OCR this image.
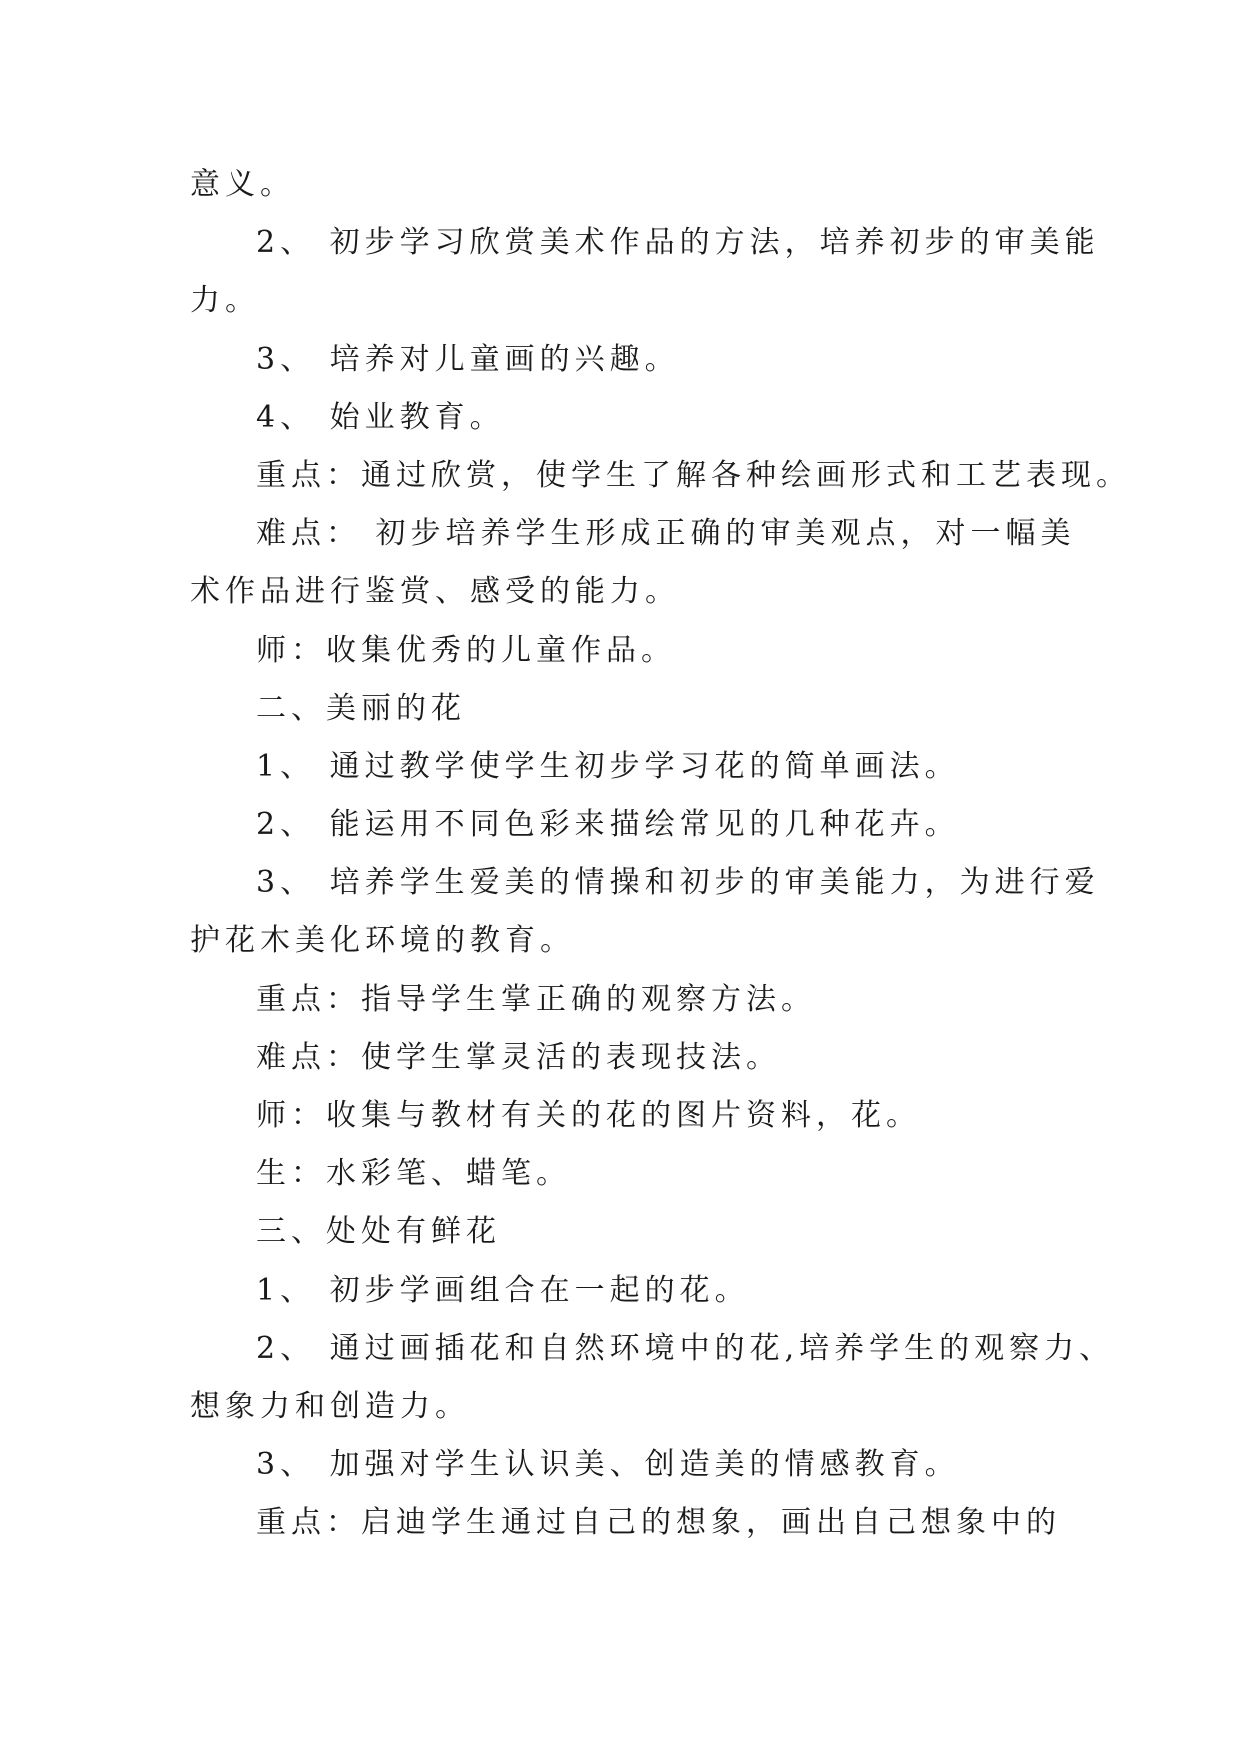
意义。
2、 初步学习欣赏美术作品的方法，培养初步的审美能
力。
3、 培养对儿童画的兴趣。
4、 始业教育。
重点：通过欣赏，使学生了解各种绘画形式和工艺表现。
难点： 初步培养学生形成正确的审美观点，对一幅美
术作品进行鉴赏、感受的能力。
师：收集优秀的儿童作品。
二、美丽的花
1、 通过教学使学生初步学习花的简单画法。
2、 能运用不同色彩来描绘常见的几种花卉。
3、 培养学生爱美的情操和初步的审美能力，为进行爱
护花木美化环境的教育。
重点：指导学生掌正确的观察方法。
难点：使学生掌灵活的表现技法。
师：收集与教材有关的花的图片资料，花。
生：水彩笔、蜡笔。
三、处处有鲜花
1、 初步学画组合在一起的花。
2、 通过画插花和自然环境中的花,培养学生的观察力、
想象力和创造力。
3、 加强对学生认识美、创造美的情感教育。
重点：启迪学生通过自己的想象，画出自己想象中的
